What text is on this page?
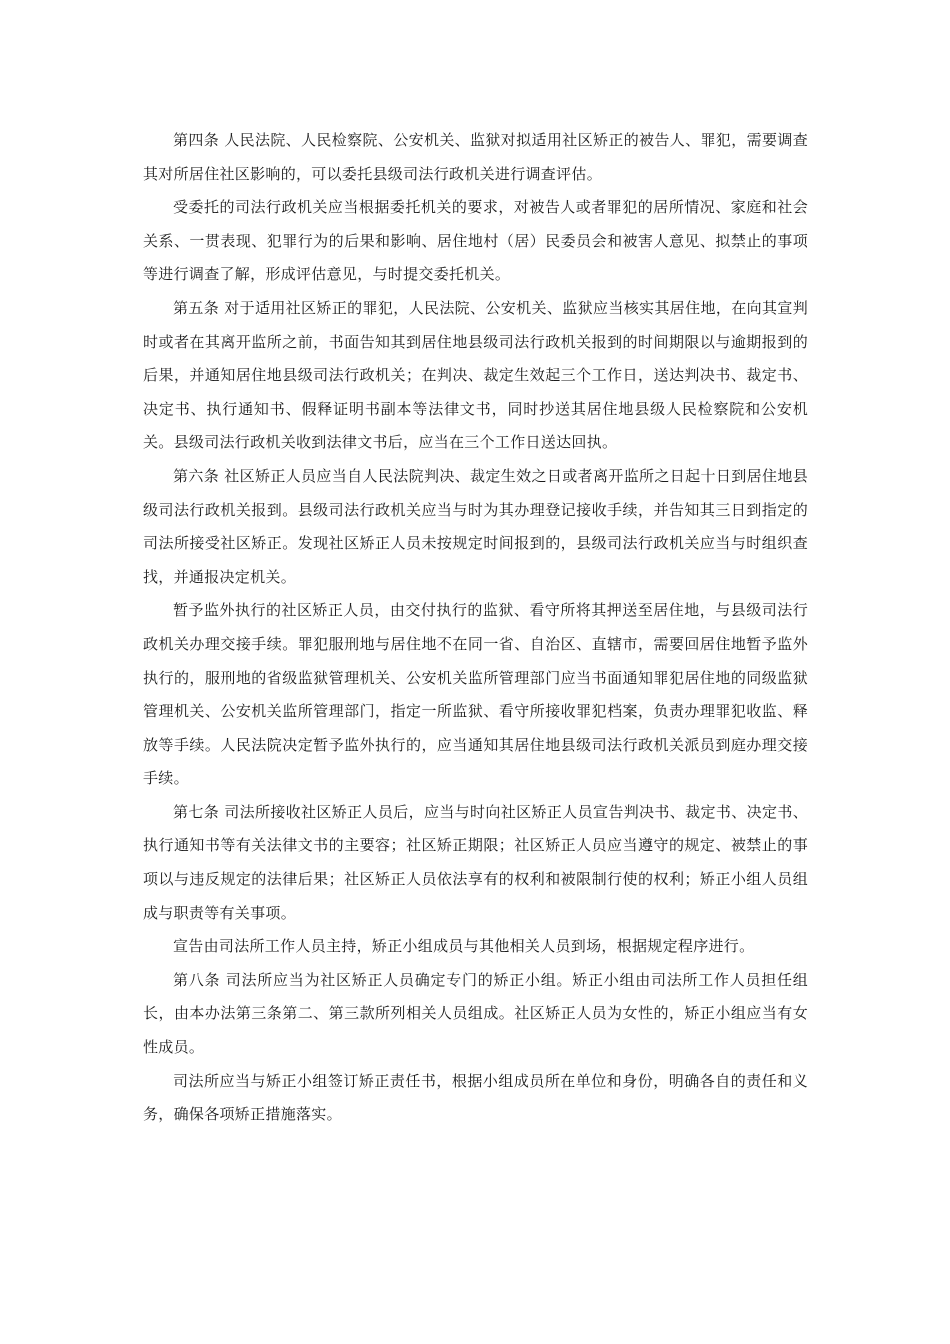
第四条 人民法院、人民检察院、公安机关、监狱对拟适用社区矫正的被告人、罪犯，需要调查其对所居住社区影响的，可以委托县级司法行政机关进行调查评估。

受委托的司法行政机关应当根据委托机关的要求，对被告人或者罪犯的居所情况、家庭和社会关系、一贯表现、犯罪行为的后果和影响、居住地村（居）民委员会和被害人意见、拟禁止的事项等进行调查了解，形成评估意见，与时提交委托机关。

第五条 对于适用社区矫正的罪犯，人民法院、公安机关、监狱应当核实其居住地，在向其宣判时或者在其离开监所之前，书面告知其到居住地县级司法行政机关报到的时间期限以与逾期报到的后果，并通知居住地县级司法行政机关；在判决、裁定生效起三个工作日，送达判决书、裁定书、决定书、执行通知书、假释证明书副本等法律文书，同时抄送其居住地县级人民检察院和公安机关。县级司法行政机关收到法律文书后，应当在三个工作日送达回执。

第六条 社区矫正人员应当自人民法院判决、裁定生效之日或者离开监所之日起十日到居住地县级司法行政机关报到。县级司法行政机关应当与时为其办理登记接收手续，并告知其三日到指定的司法所接受社区矫正。发现社区矫正人员未按规定时间报到的，县级司法行政机关应当与时组织查找，并通报决定机关。

暂予监外执行的社区矫正人员，由交付执行的监狱、看守所将其押送至居住地，与县级司法行政机关办理交接手续。罪犯服刑地与居住地不在同一省、自治区、直辖市，需要回居住地暂予监外执行的，服刑地的省级监狱管理机关、公安机关监所管理部门应当书面通知罪犯居住地的同级监狱管理机关、公安机关监所管理部门，指定一所监狱、看守所接收罪犯档案，负责办理罪犯收监、释放等手续。人民法院决定暂予监外执行的，应当通知其居住地县级司法行政机关派员到庭办理交接手续。

第七条 司法所接收社区矫正人员后，应当与时向社区矫正人员宣告判决书、裁定书、决定书、执行通知书等有关法律文书的主要容；社区矫正期限；社区矫正人员应当遵守的规定、被禁止的事项以与违反规定的法律后果；社区矫正人员依法享有的权利和被限制行使的权利；矫正小组人员组成与职责等有关事项。

宣告由司法所工作人员主持，矫正小组成员与其他相关人员到场，根据规定程序进行。

第八条 司法所应当为社区矫正人员确定专门的矫正小组。矫正小组由司法所工作人员担任组长，由本办法第三条第二、第三款所列相关人员组成。社区矫正人员为女性的，矫正小组应当有女性成员。

司法所应当与矫正小组签订矫正责任书，根据小组成员所在单位和身份，明确各自的责任和义务，确保各项矫正措施落实。
